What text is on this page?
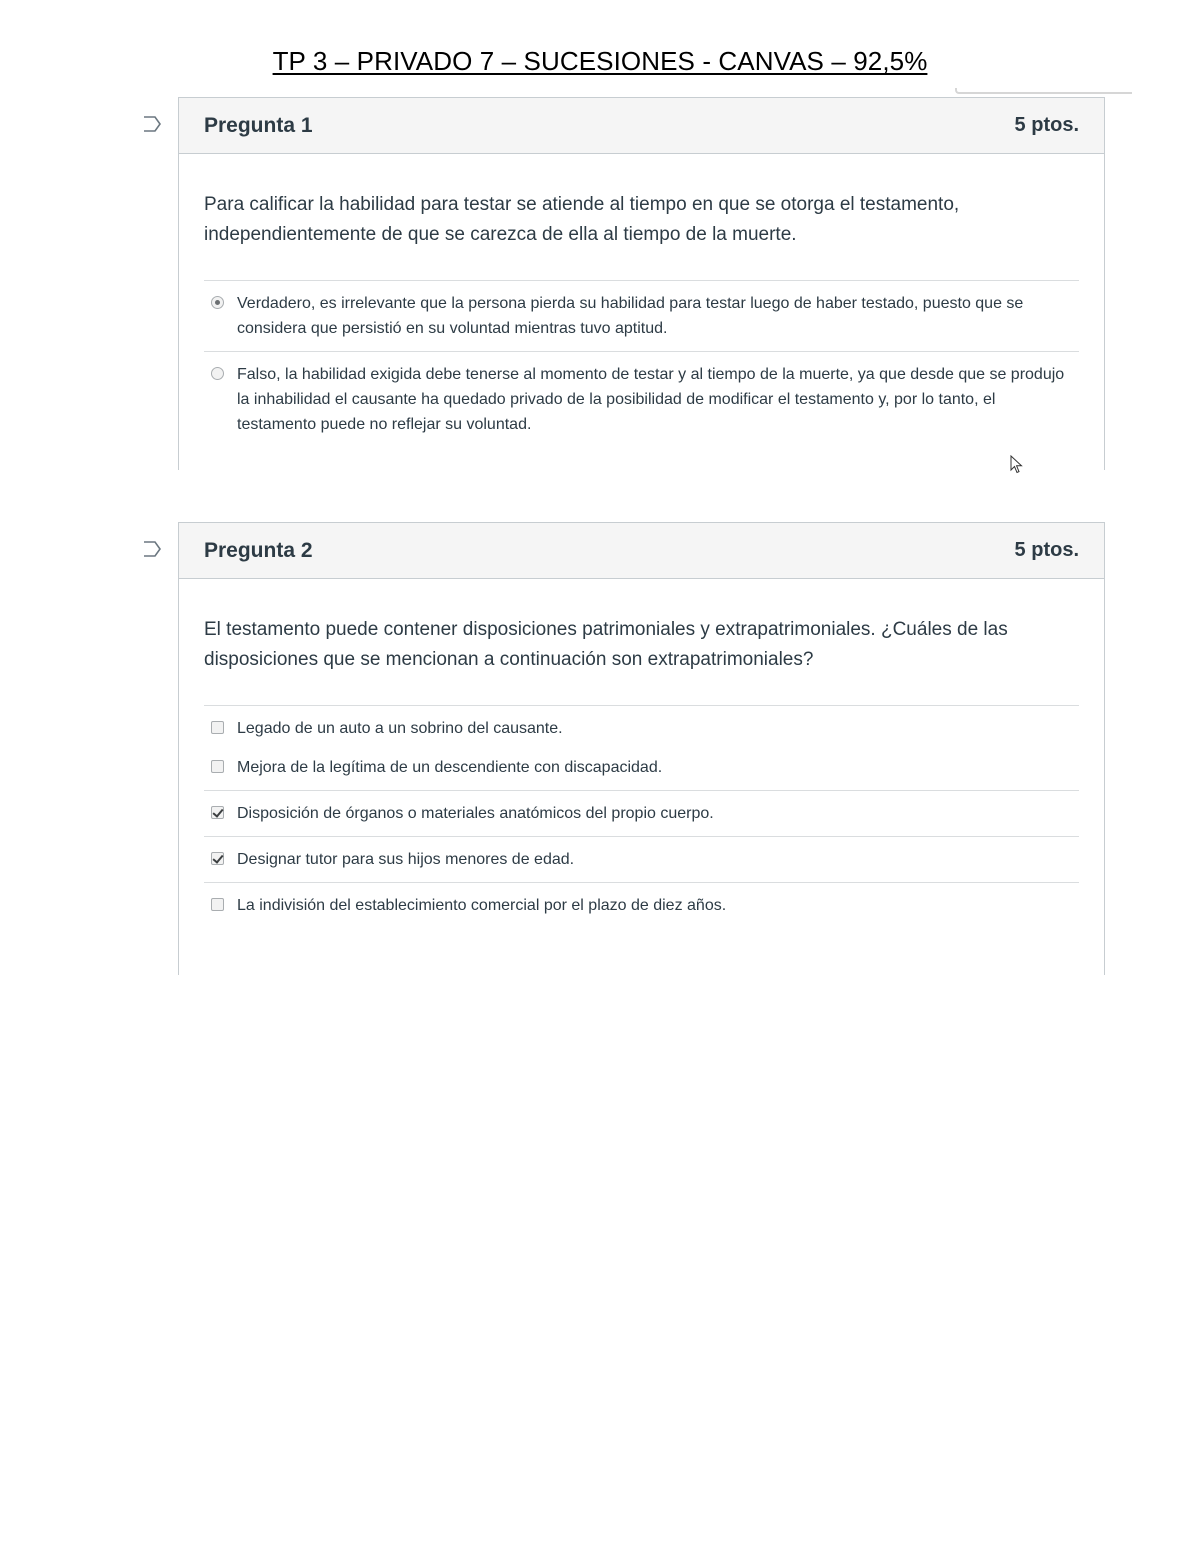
TP 3 – PRIVADO 7 – SUCESIONES - CANVAS – 92,5%
Pregunta 1	5 ptos.
Para calificar la habilidad para testar se atiende al tiempo en que se otorga el testamento, independientemente de que se carezca de ella al tiempo de la muerte.
Verdadero, es irrelevante que la persona pierda su habilidad para testar luego de haber testado, puesto que se considera que persistió en su voluntad mientras tuvo aptitud.
Falso, la habilidad exigida debe tenerse al momento de testar y al tiempo de la muerte, ya que desde que se produjo la inhabilidad el causante ha quedado privado de la posibilidad de modificar el testamento y, por lo tanto, el testamento puede no reflejar su voluntad.
Pregunta 2	5 ptos.
El testamento puede contener disposiciones patrimoniales y extrapatrimoniales. ¿Cuáles de las disposiciones que se mencionan a continuación son extrapatrimoniales?
Legado de un auto a un sobrino del causante.
Mejora de la legítima de un descendiente con discapacidad.
Disposición de órganos o materiales anatómicos del propio cuerpo.
Designar tutor para sus hijos menores de edad.
La indivisión del establecimiento comercial por el plazo de diez años.
